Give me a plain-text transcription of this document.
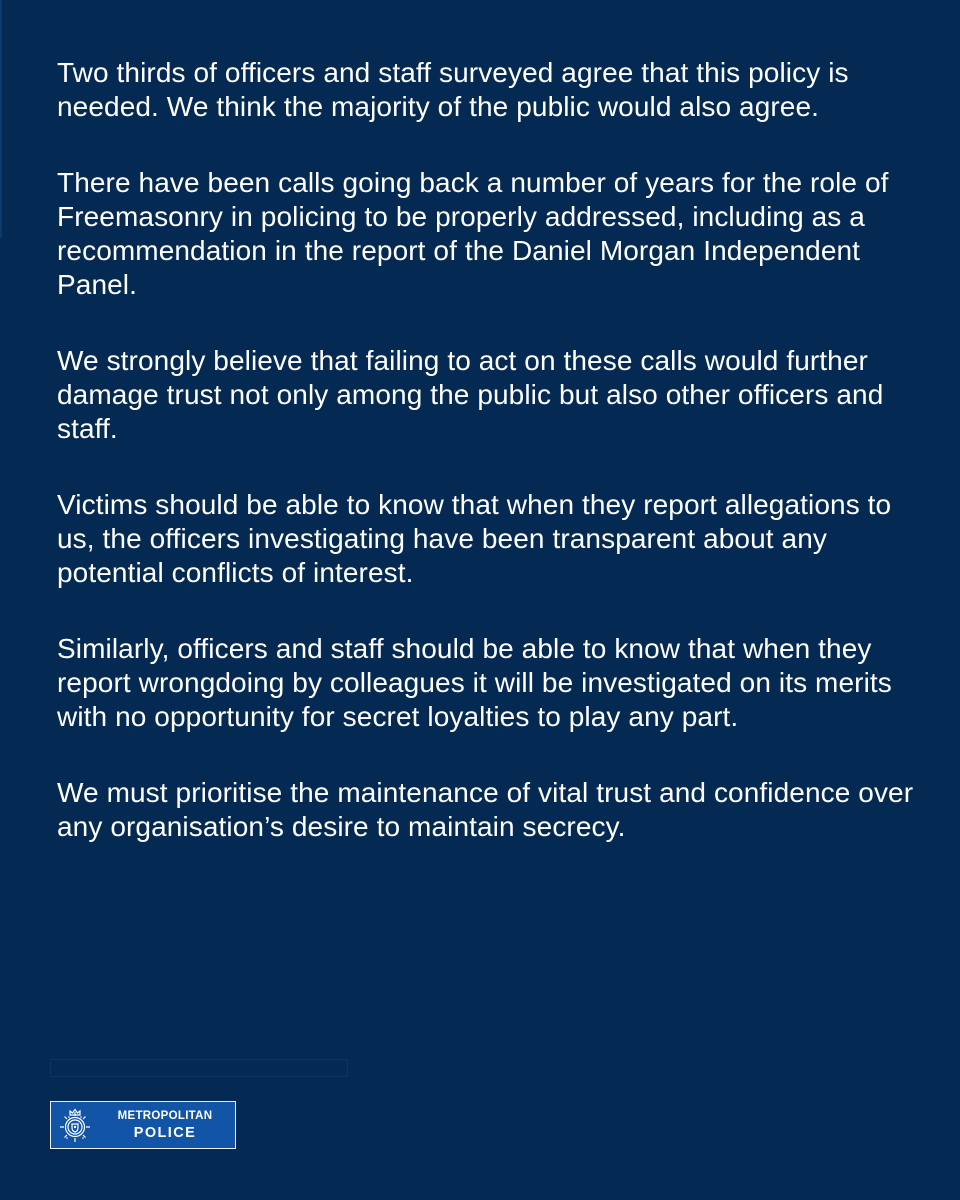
Two thirds of officers and staff surveyed agree that this policy is needed. We think the majority of the public would also agree.

There have been calls going back a number of years for the role of Freemasonry in policing to be properly addressed, including as a recommendation in the report of the Daniel Morgan Independent Panel.

We strongly believe that failing to act on these calls would further damage trust not only among the public but also other officers and staff.

Victims should be able to know that when they report allegations to us, the officers investigating have been transparent about any potential conflicts of interest.

Similarly, officers and staff should be able to know that when they report wrongdoing by colleagues it will be investigated on its merits with no opportunity for secret loyalties to play any part.

We must prioritise the maintenance of vital trust and confidence over any organisation’s desire to maintain secrecy.

METROPOLITAN
POLICE
